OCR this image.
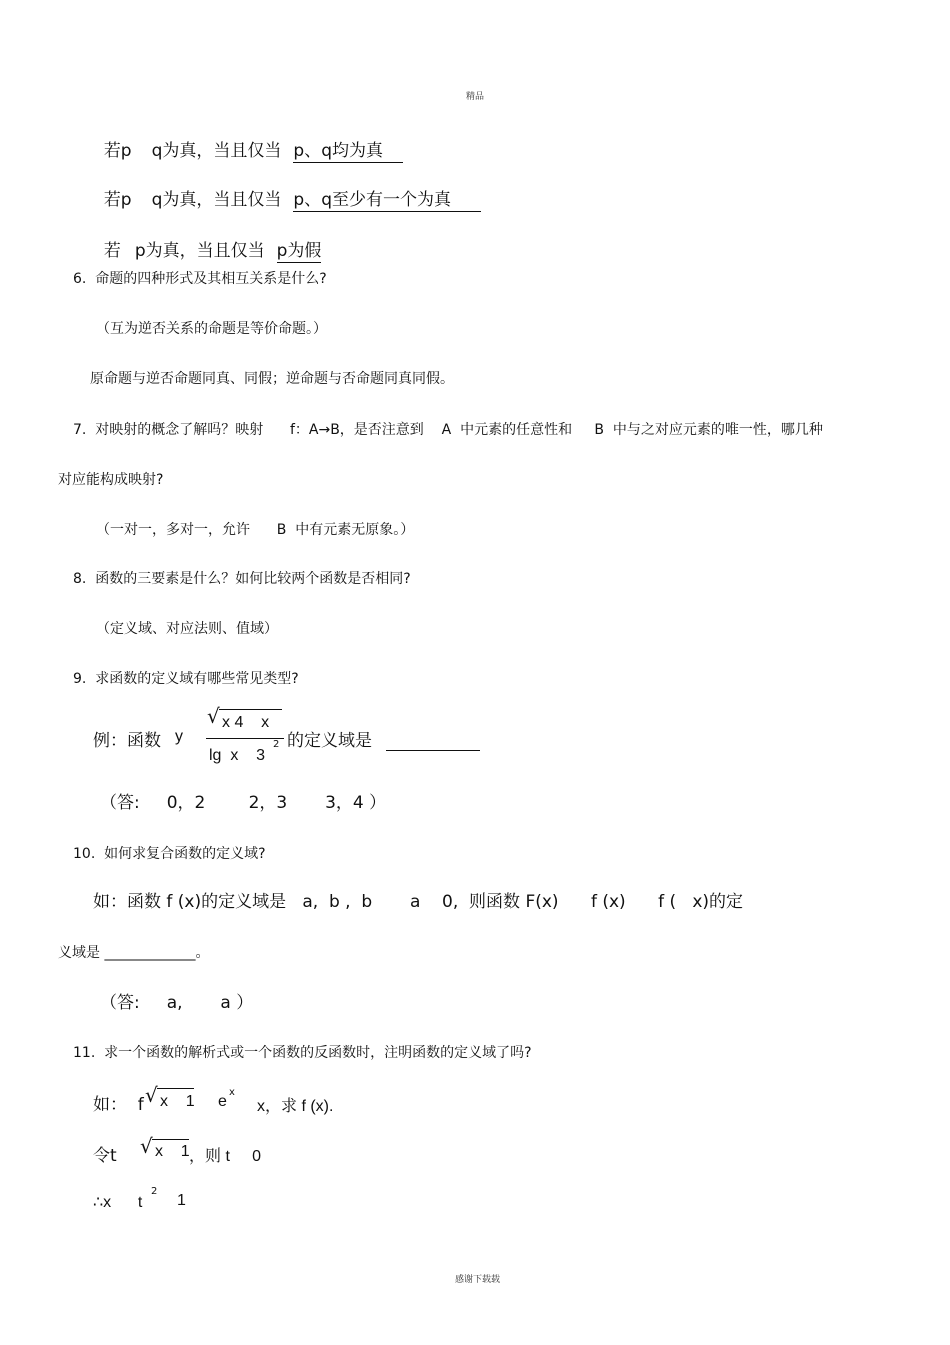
精品

若p q为真，当且仅当 p、q均为真

若p q为真，当且仅当 p、q至少有一个为真

若 p为真，当且仅当 p为假

6.  命题的四种形式及其相互关系是什么?
（互为逆否关系的命题是等价命题。）
原命题与逆否命题同真、同假；逆命题与否命题同真同假。
7.  对映射的概念了解吗？映射      f：A→B，是否注意到    A  中元素的任意性和     B  中与之对应元素的唯一性，哪几种
对应能构成映射?
（一对一，多对一，允许      B  中有元素无原象。）
8.  函数的三要素是什么？如何比较两个函数是否相同?
（定义域、对应法则、值域）
9.  求函数的定义域有哪些常见类型?
例：函数 y
√ x 4    x
lg  x    3
2 的定义域是
（答:     0，2        2，3       3，4 ）
10.  如何求复合函数的定义域?
如：函数 f (x)的定义域是   a,  b ,  b       a    0,  则函数 F(x)      f (x)      f (   x)的定
义域是 _____________。
（答:     a,       a ）
11.  求一个函数的解析式或一个函数的反函数时，注明函数的定义域了吗?
如：  f √ x    1 e
x
x，求 f (x).
令t √ x    1 ，则 t     0
∴x      t
2
1
感谢下载载
